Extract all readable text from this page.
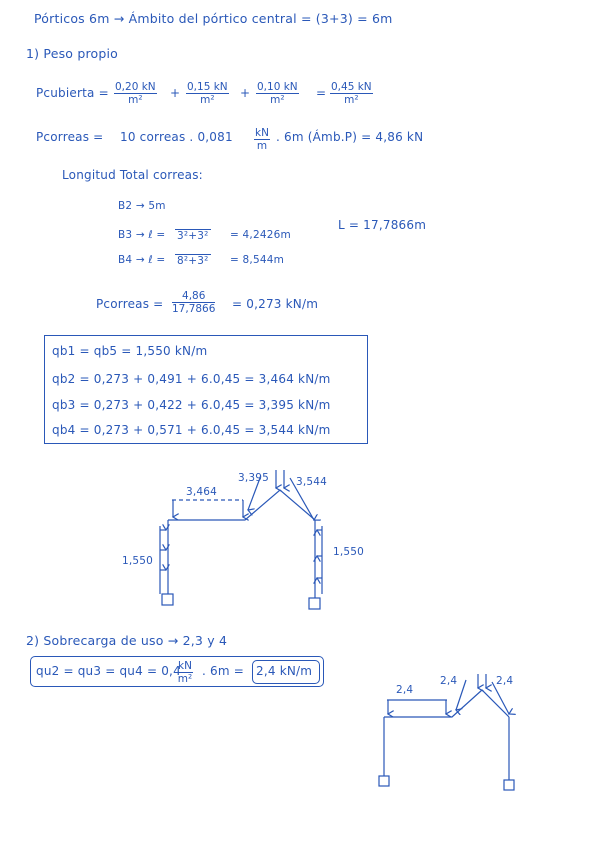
Pórticos 6m → Ámbito del pórtico central = (3+3) = 6m
1) Peso propio
Pcubierta = $\frac{0,20 kN}{\text{m²}} + \frac{0,15 kN}{\text{m²}} + \frac{0,10 kN}{\text{m²}} = \frac{0,45 kN}{\text{m²}}$
Pcorreas = 10 correas . $0,081 \frac{kN}{m}$ . 6m (Ámb.P) = 4,86 kN
Longitud Total correas:
B2 → 5m
B3 → ℓ = 3²+3² = 4,2426m
B4 → ℓ = 8²+3² = 8,544m
L = 17,7866m
Pcorreas = $\frac{4,86}{17,7866} = 0,273$ kN/m
qb1 = qb5 = 1,550 kN/m
qb2 = 0,273 + 0,491 + 6.0,45 = 3,464 kN/m
qb3 = 0,273 + 0,422 + 6.0,45 = 3,395 kN/m
qb4 = 0,273 + 0,571 + 6.0,45 = 3,544 kN/m
3,464
3,395	3,544
1,550
1,550
2) Sobrecarga de uso → 2,3 y 4
qu2 = qu3 = qu4 = 0,4
$\frac{kN}{\text{m²}}$ . 6m = 2,4 kN/m
2,4
2,4	2,4
